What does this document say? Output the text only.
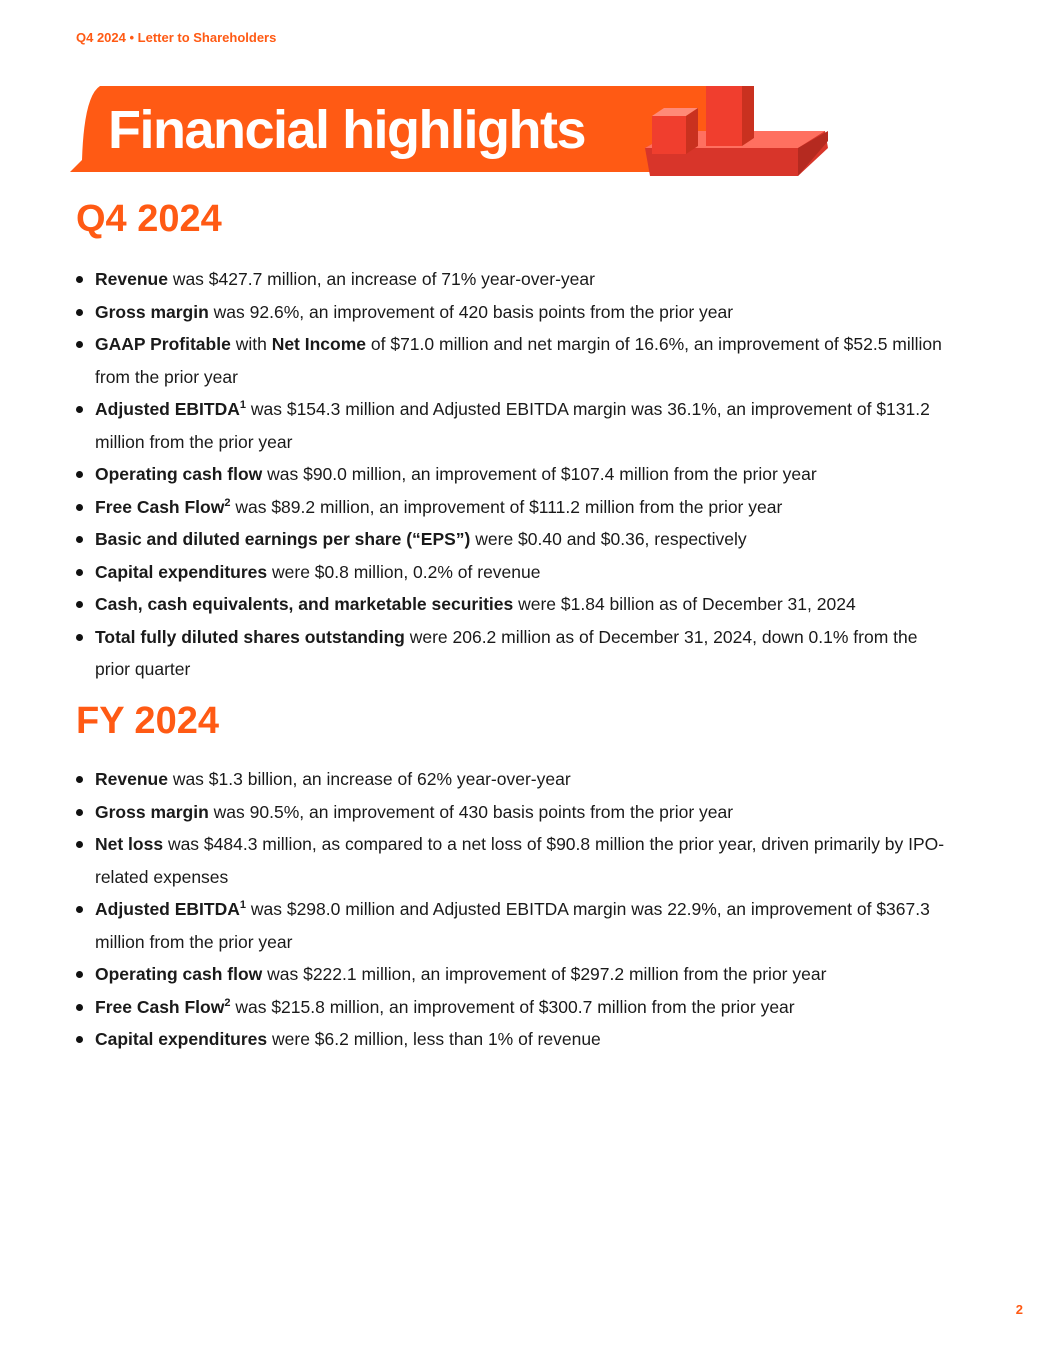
Q4 2024 • Letter to Shareholders
Financial highlights
Q4 2024
Revenue was $427.7 million, an increase of 71% year-over-year
Gross margin was 92.6%, an improvement of 420 basis points from the prior year
GAAP Profitable with Net Income of $71.0 million and net margin of 16.6%, an improvement of $52.5 million from the prior year
Adjusted EBITDA$^1$ was $154.3 million and Adjusted EBITDA margin was 36.1%, an improvement of $131.2 million from the prior year
Operating cash flow was $90.0 million, an improvement of $107.4 million from the prior year
Free Cash Flow$^2$ was $89.2 million, an improvement of $111.2 million from the prior year
Basic and diluted earnings per share (“EPS”) were $0.40 and $0.36, respectively
Capital expenditures were $0.8 million, 0.2% of revenue
Cash, cash equivalents, and marketable securities were $1.84 billion as of December 31, 2024
Total fully diluted shares outstanding were 206.2 million as of December 31, 2024, down 0.1% from the prior quarter
FY 2024
Revenue was $1.3 billion, an increase of 62% year-over-year
Gross margin was 90.5%, an improvement of 430 basis points from the prior year
Net loss was $484.3 million, as compared to a net loss of $90.8 million the prior year, driven primarily by IPO-related expenses
Adjusted EBITDA$^1$ was $298.0 million and Adjusted EBITDA margin was 22.9%, an improvement of $367.3 million from the prior year
Operating cash flow was $222.1 million, an improvement of $297.2 million from the prior year
Free Cash Flow$^2$ was $215.8 million, an improvement of $300.7 million from the prior year
Capital expenditures were $6.2 million, less than 1% of revenue
2
